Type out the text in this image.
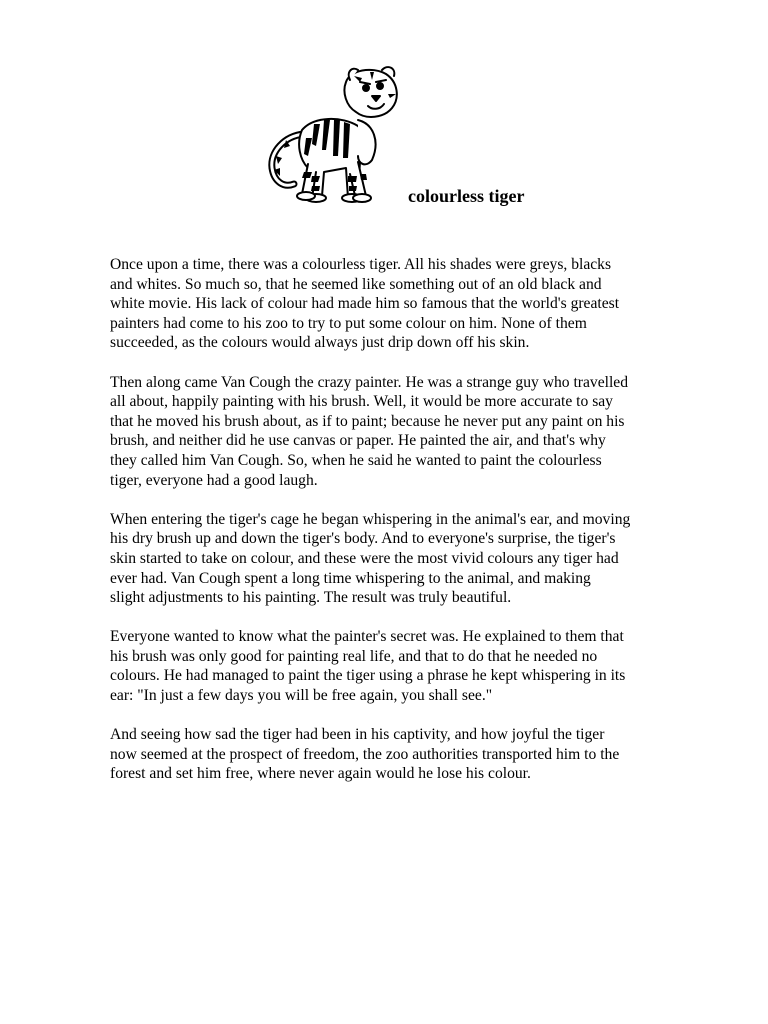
colourless tiger

Once upon a time, there was a colourless tiger. All his shades were greys, blacks
and whites. So much so, that he seemed like something out of an old black and
white movie. His lack of colour had made him so famous that the world's greatest
painters had come to his zoo to try to put some colour on him. None of them
succeeded, as the colours would always just drip down off his skin.

Then along came Van Cough the crazy painter. He was a strange guy who travelled
all about, happily painting with his brush. Well, it would be more accurate to say
that he moved his brush about, as if to paint; because he never put any paint on his
brush, and neither did he use canvas or paper. He painted the air, and that's why
they called him Van Cough. So, when he said he wanted to paint the colourless
tiger, everyone had a good laugh.

When entering the tiger's cage he began whispering in the animal's ear, and moving
his dry brush up and down the tiger's body. And to everyone's surprise, the tiger's
skin started to take on colour, and these were the most vivid colours any tiger had
ever had. Van Cough spent a long time whispering to the animal, and making
slight adjustments to his painting. The result was truly beautiful.

Everyone wanted to know what the painter's secret was. He explained to them that
his brush was only good for painting real life, and that to do that he needed no
colours. He had managed to paint the tiger using a phrase he kept whispering in its
ear: "In just a few days you will be free again, you shall see."

And seeing how sad the tiger had been in his captivity, and how joyful the tiger
now seemed at the prospect of freedom, the zoo authorities transported him to the
forest and set him free, where never again would he lose his colour.
